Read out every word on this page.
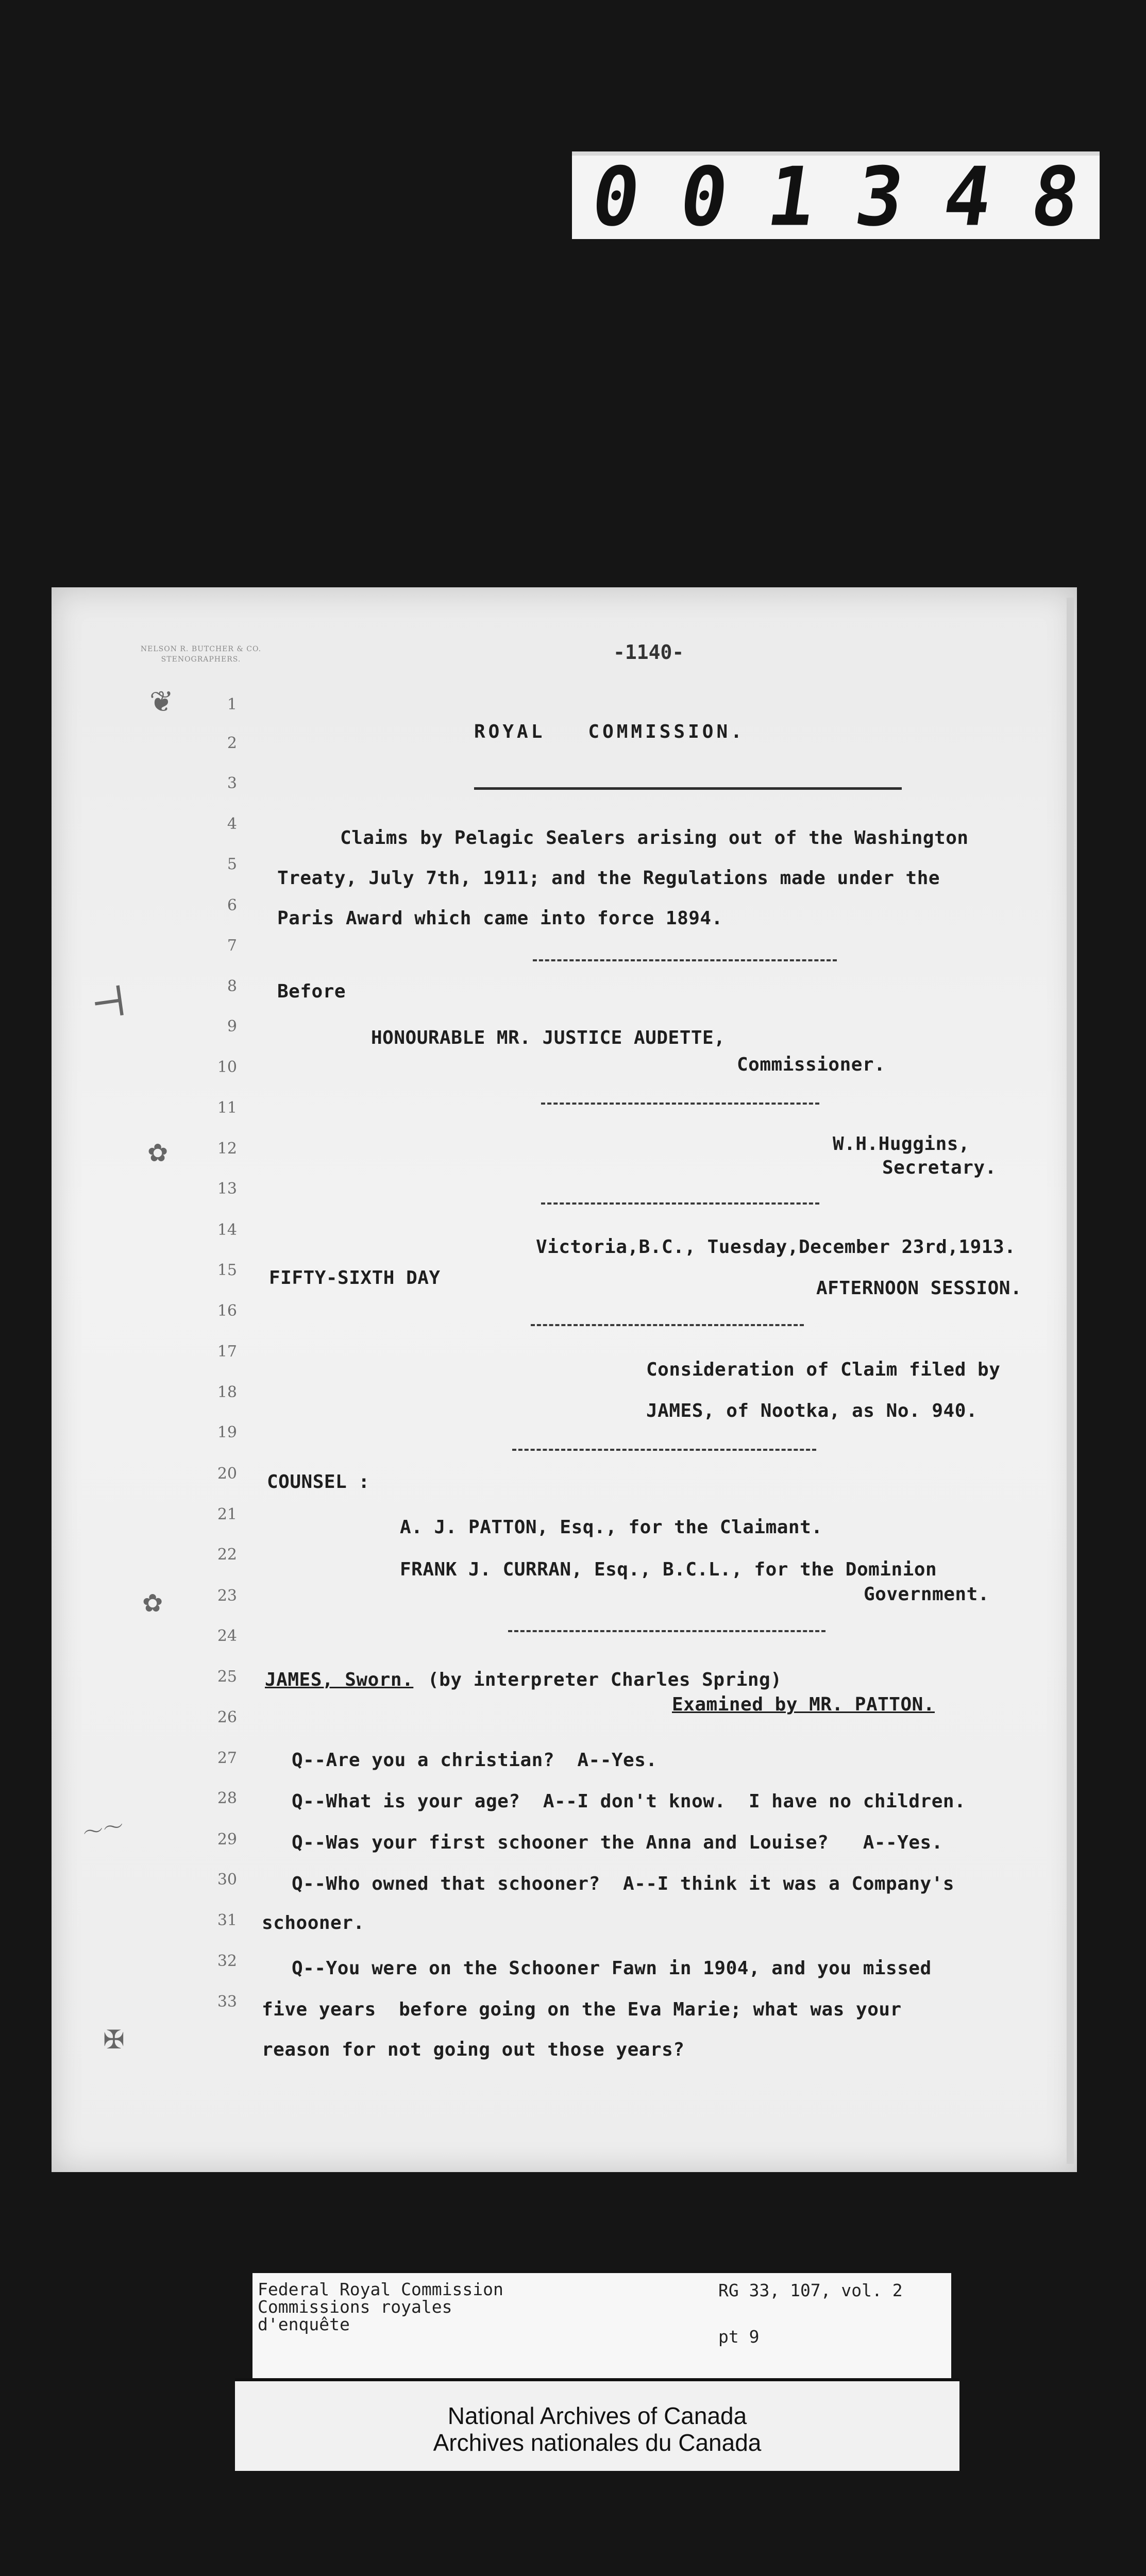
0 0 1 3 4 8
NELSON R. BUTCHER & CO.
STENOGRAPHERS.	-1140-
❦
⊣
✿
✿
〜〜
✠
1
2
3
4
5
6
7
8
9
10
11
12
13
14
15
16
17
18
19
20
21
22
23
24
25
26
27
28
29
30
31
32
33
ROYAL   COMMISSION.
Claims by Pelagic Sealers arising out of the Washington
Treaty, July 7th, 1911; and the Regulations made under the
Paris Award which came into force 1894.
Before
HONOURABLE MR. JUSTICE AUDETTE,
Commissioner.
W.H.Huggins,
Secretary.
Victoria,B.C., Tuesday,December 23rd,1913.
FIFTY-SIXTH DAY	AFTERNOON SESSION.
Consideration of Claim filed by
JAMES, of Nootka, as No. 940.
COUNSEL :
A. J. PATTON, Esq., for the Claimant.
FRANK J. CURRAN, Esq., B.C.L., for the Dominion
Government.
JAMES, Sworn. (by interpreter Charles Spring)
Examined by MR. PATTON.
Q--Are you a christian?  A--Yes.
Q--What is your age?  A--I don't know.  I have no children.
Q--Was your first schooner the Anna and Louise?   A--Yes.
Q--Who owned that schooner?  A--I think it was a Company's
schooner.
Q--You were on the Schooner Fawn in 1904, and you missed
five years  before going on the Eva Marie; what was your
reason for not going out those years?
Federal Royal Commission
Commissions royales
d'enquête
RG 33, 107, vol. 2
pt 9
National Archives of Canada
Archives nationales du Canada
